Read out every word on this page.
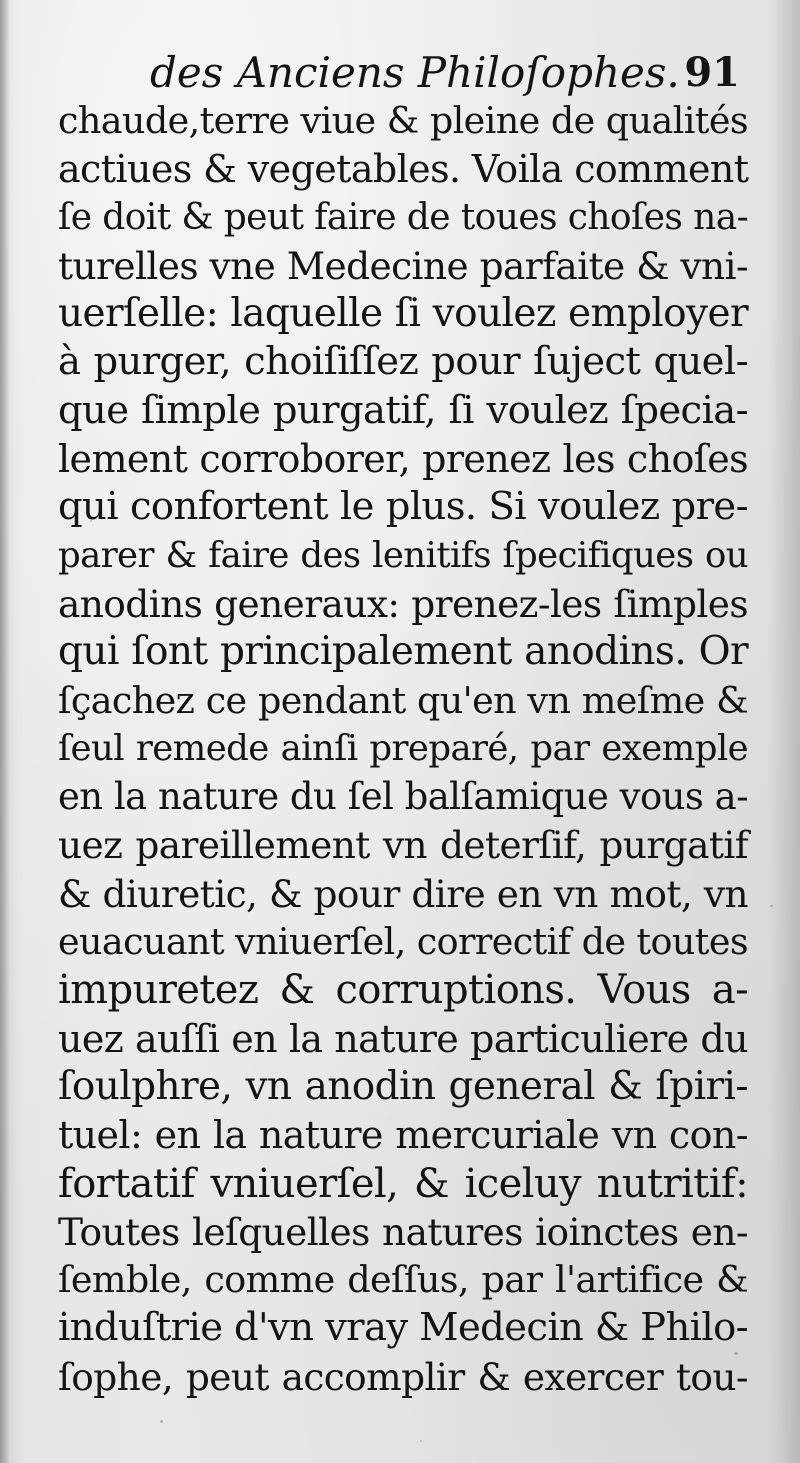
des Anciens Philoſophes. 91
chaude,terre viue & pleine de qualités
actiues & vegetables. Voila comment
ſe doit & peut faire de toues choſes na-
turelles vne Medecine parfaite & vni-
uerſelle: laquelle ſi voulez employer
à purger, choiſiſſez pour ſuject quel-
que ſimple purgatif, ſi voulez ſpecia-
lement corroborer, prenez les choſes
qui confortent le plus. Si voulez pre-
parer & faire des lenitifs ſpecifiques ou
anodins generaux: prenez-les ſimples
qui ſont principalement anodins. Or
ſçachez ce pendant qu'en vn meſme &
ſeul remede ainſi preparé, par exemple
en la nature du ſel balſamique vous a-
uez pareillement vn deterſif, purgatif
& diuretic, & pour dire en vn mot, vn
euacuant vniuerſel, correctif de toutes
impuretez & corruptions. Vous a-
uez auſſi en la nature particuliere du
ſoulphre, vn anodin general & ſpiri-
tuel: en la nature mercuriale vn con-
fortatif vniuerſel, & iceluy nutritif:
Toutes leſquelles natures ioinctes en-
ſemble, comme deſſus, par l'artifice &
induſtrie d'vn vray Medecin & Philo-
ſophe, peut accomplir & exercer tou-
